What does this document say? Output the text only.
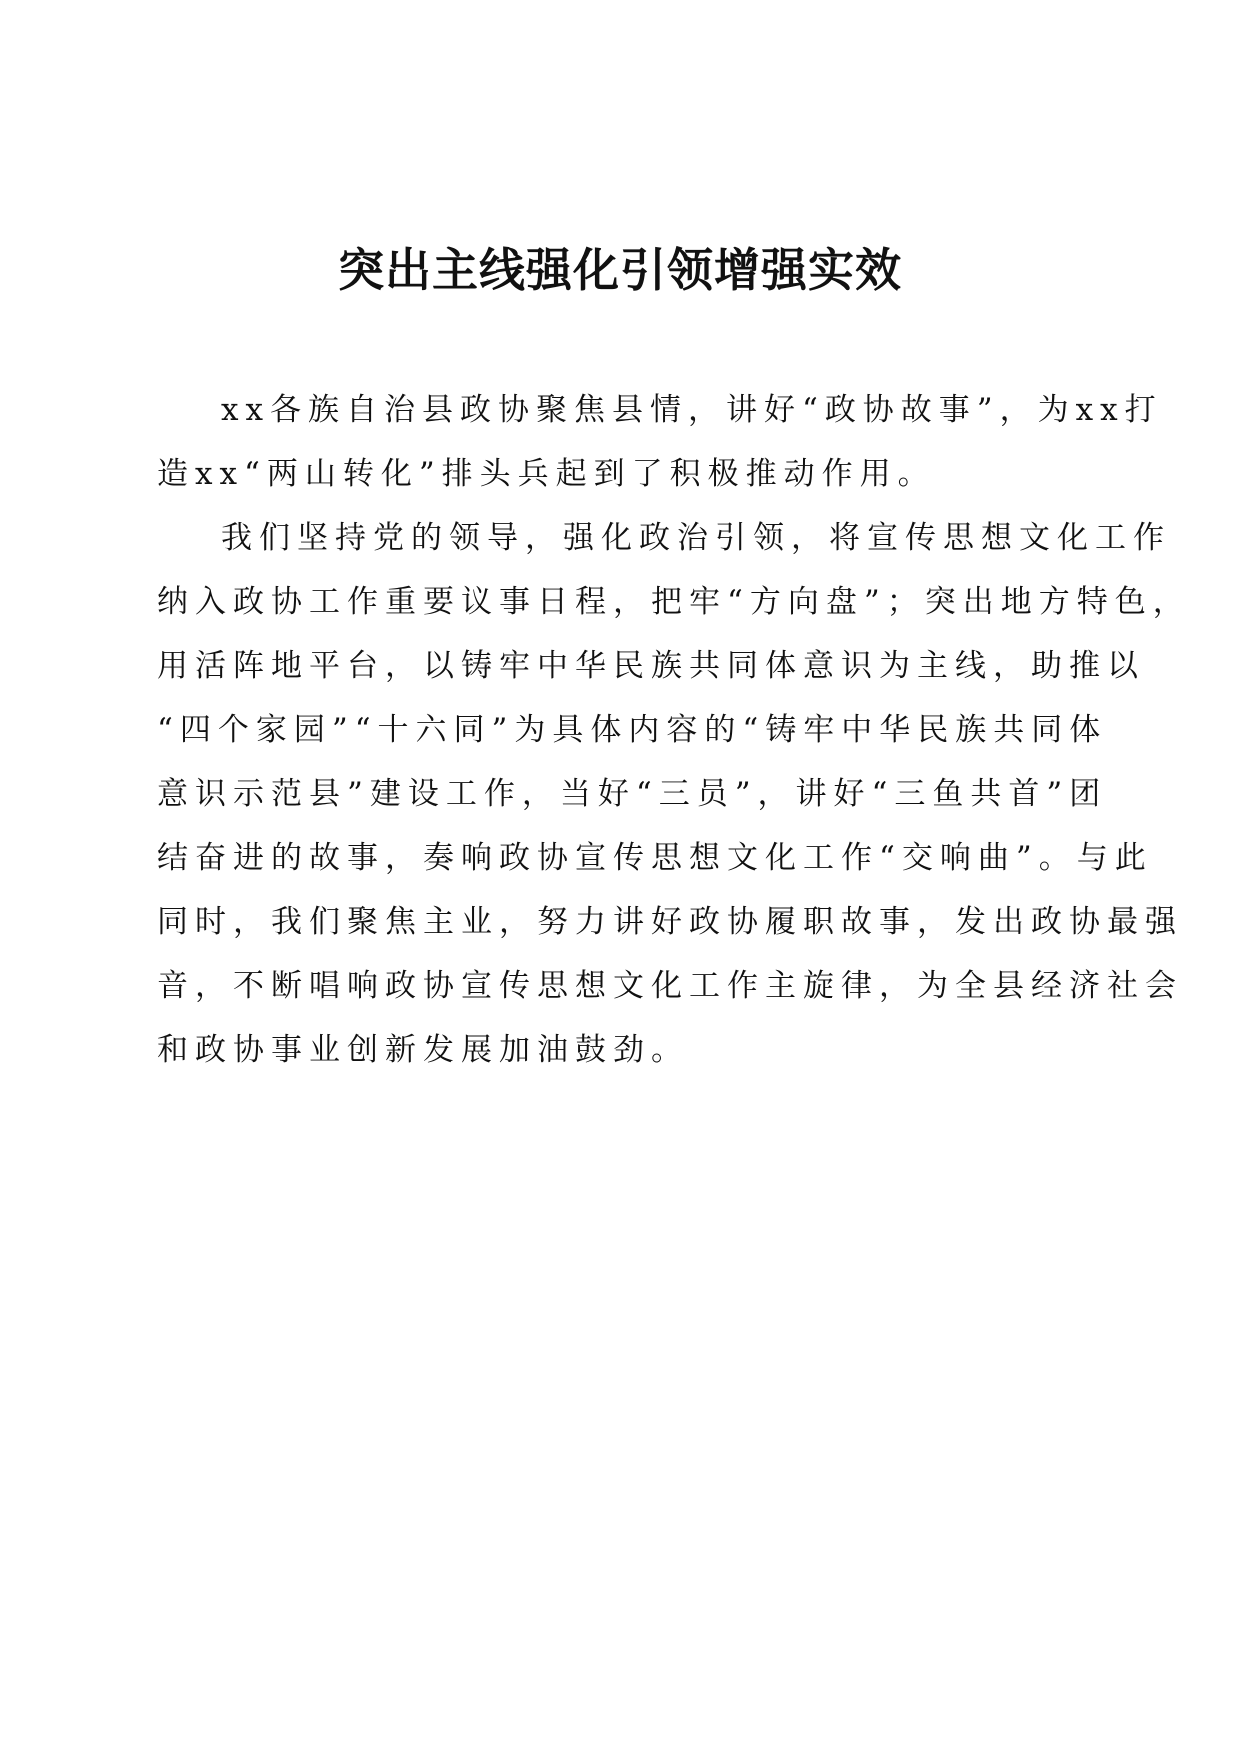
突出主线强化引领增强实效

xx各族自治县政协聚焦县情，讲好“政协故事”，为xx打
造xx“两山转化”排头兵起到了积极推动作用。

我们坚持党的领导，强化政治引领，将宣传思想文化工作
纳入政协工作重要议事日程，把牢“方向盘”；突出地方特色，
用活阵地平台，以铸牢中华民族共同体意识为主线，助推以
“四个家园”“十六同”为具体内容的“铸牢中华民族共同体
意识示范县”建设工作，当好“三员”，讲好“三鱼共首”团
结奋进的故事，奏响政协宣传思想文化工作“交响曲”。与此
同时，我们聚焦主业，努力讲好政协履职故事，发出政协最强
音，不断唱响政协宣传思想文化工作主旋律，为全县经济社会
和政协事业创新发展加油鼓劲。
